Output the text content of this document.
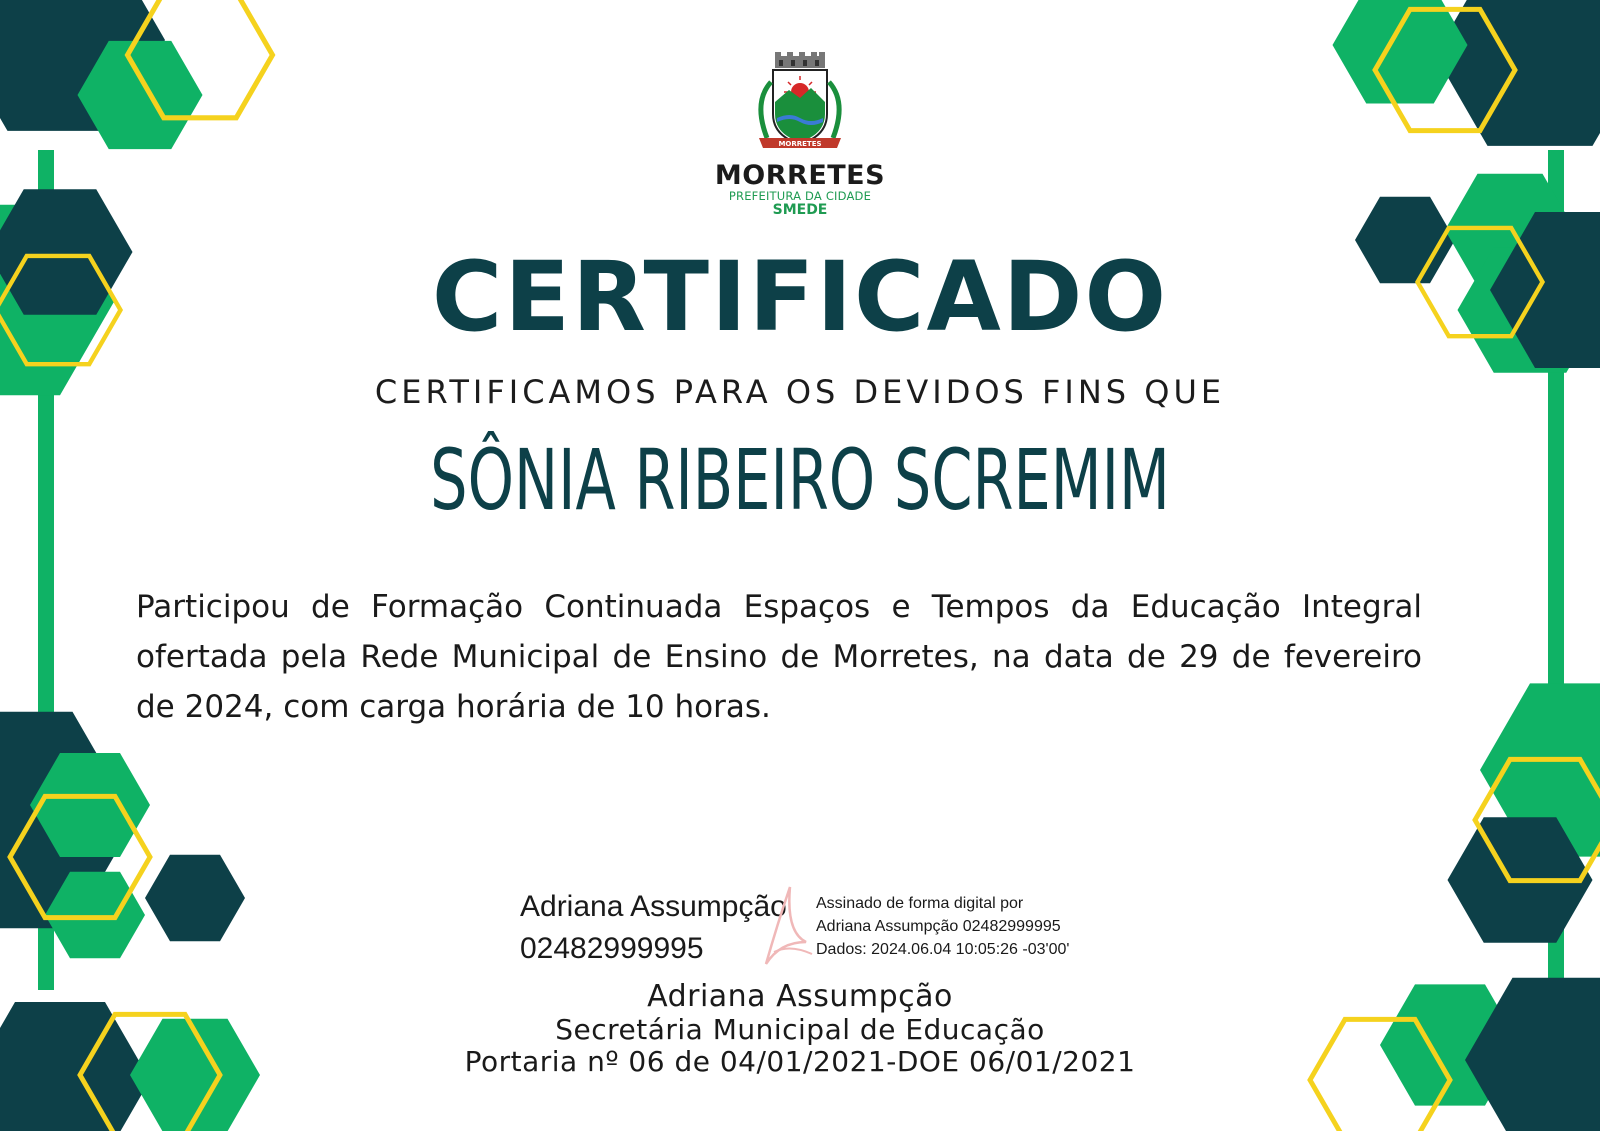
MORRETES
MORRETES
PREFEITURA DA CIDADE
SMEDE
CERTIFICADO
CERTIFICAMOS PARA OS DEVIDOS FINS QUE
SÔNIA RIBEIRO SCREMIM
Participou de Formação Continuada Espaços e Tempos da Educação Integral ofertada pela Rede Municipal de Ensino de Morretes, na data de 29 de fevereiro de 2024, com carga horária de 10 horas.
Adriana Assumpção
02482999995
Assinado de forma digital por
Adriana Assumpção 02482999995
Dados: 2024.06.04 10:05:26 -03'00'
Adriana Assumpção
Secretária Municipal de Educação
Portaria nº 06 de 04/01/2021-DOE 06/01/2021
